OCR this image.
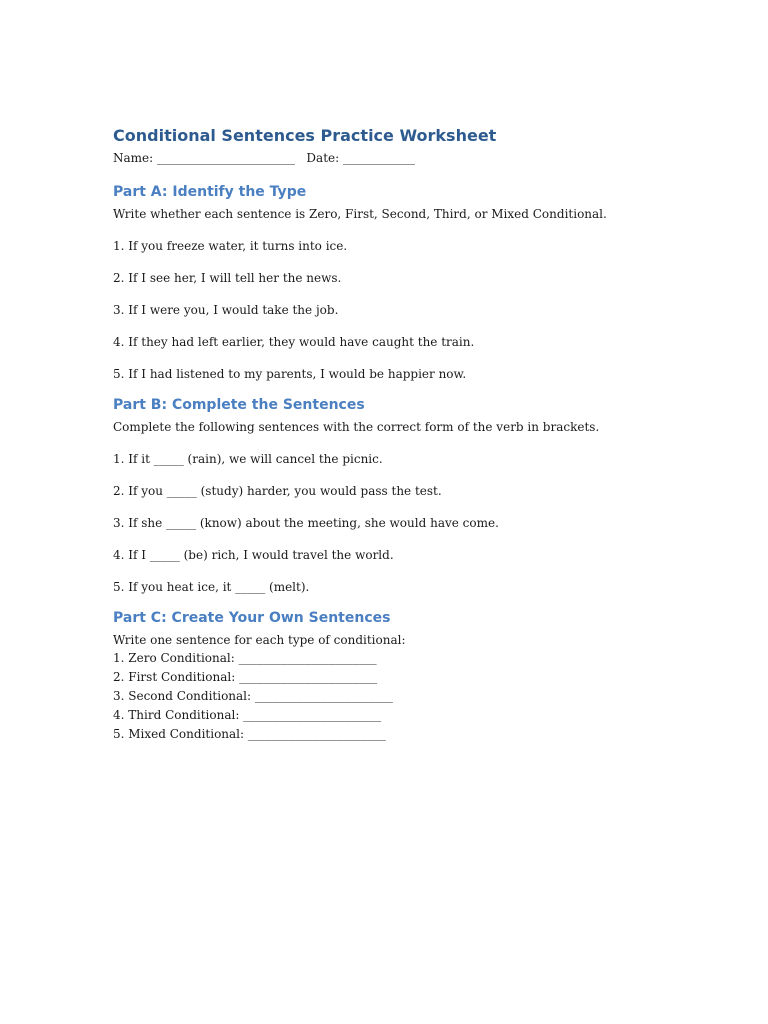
Conditional Sentences Practice Worksheet
Name: _______________________   Date: ____________
Part A: Identify the Type
Write whether each sentence is Zero, First, Second, Third, or Mixed Conditional.
1. If you freeze water, it turns into ice.
2. If I see her, I will tell her the news.
3. If I were you, I would take the job.
4. If they had left earlier, they would have caught the train.
5. If I had listened to my parents, I would be happier now.
Part B: Complete the Sentences
Complete the following sentences with the correct form of the verb in brackets.
1. If it _____ (rain), we will cancel the picnic.
2. If you _____ (study) harder, you would pass the test.
3. If she _____ (know) about the meeting, she would have come.
4. If I _____ (be) rich, I would travel the world.
5. If you heat ice, it _____ (melt).
Part C: Create Your Own Sentences
Write one sentence for each type of conditional:
1. Zero Conditional: _______________________
2. First Conditional: _______________________
3. Second Conditional: _______________________
4. Third Conditional: _______________________
5. Mixed Conditional: _______________________
